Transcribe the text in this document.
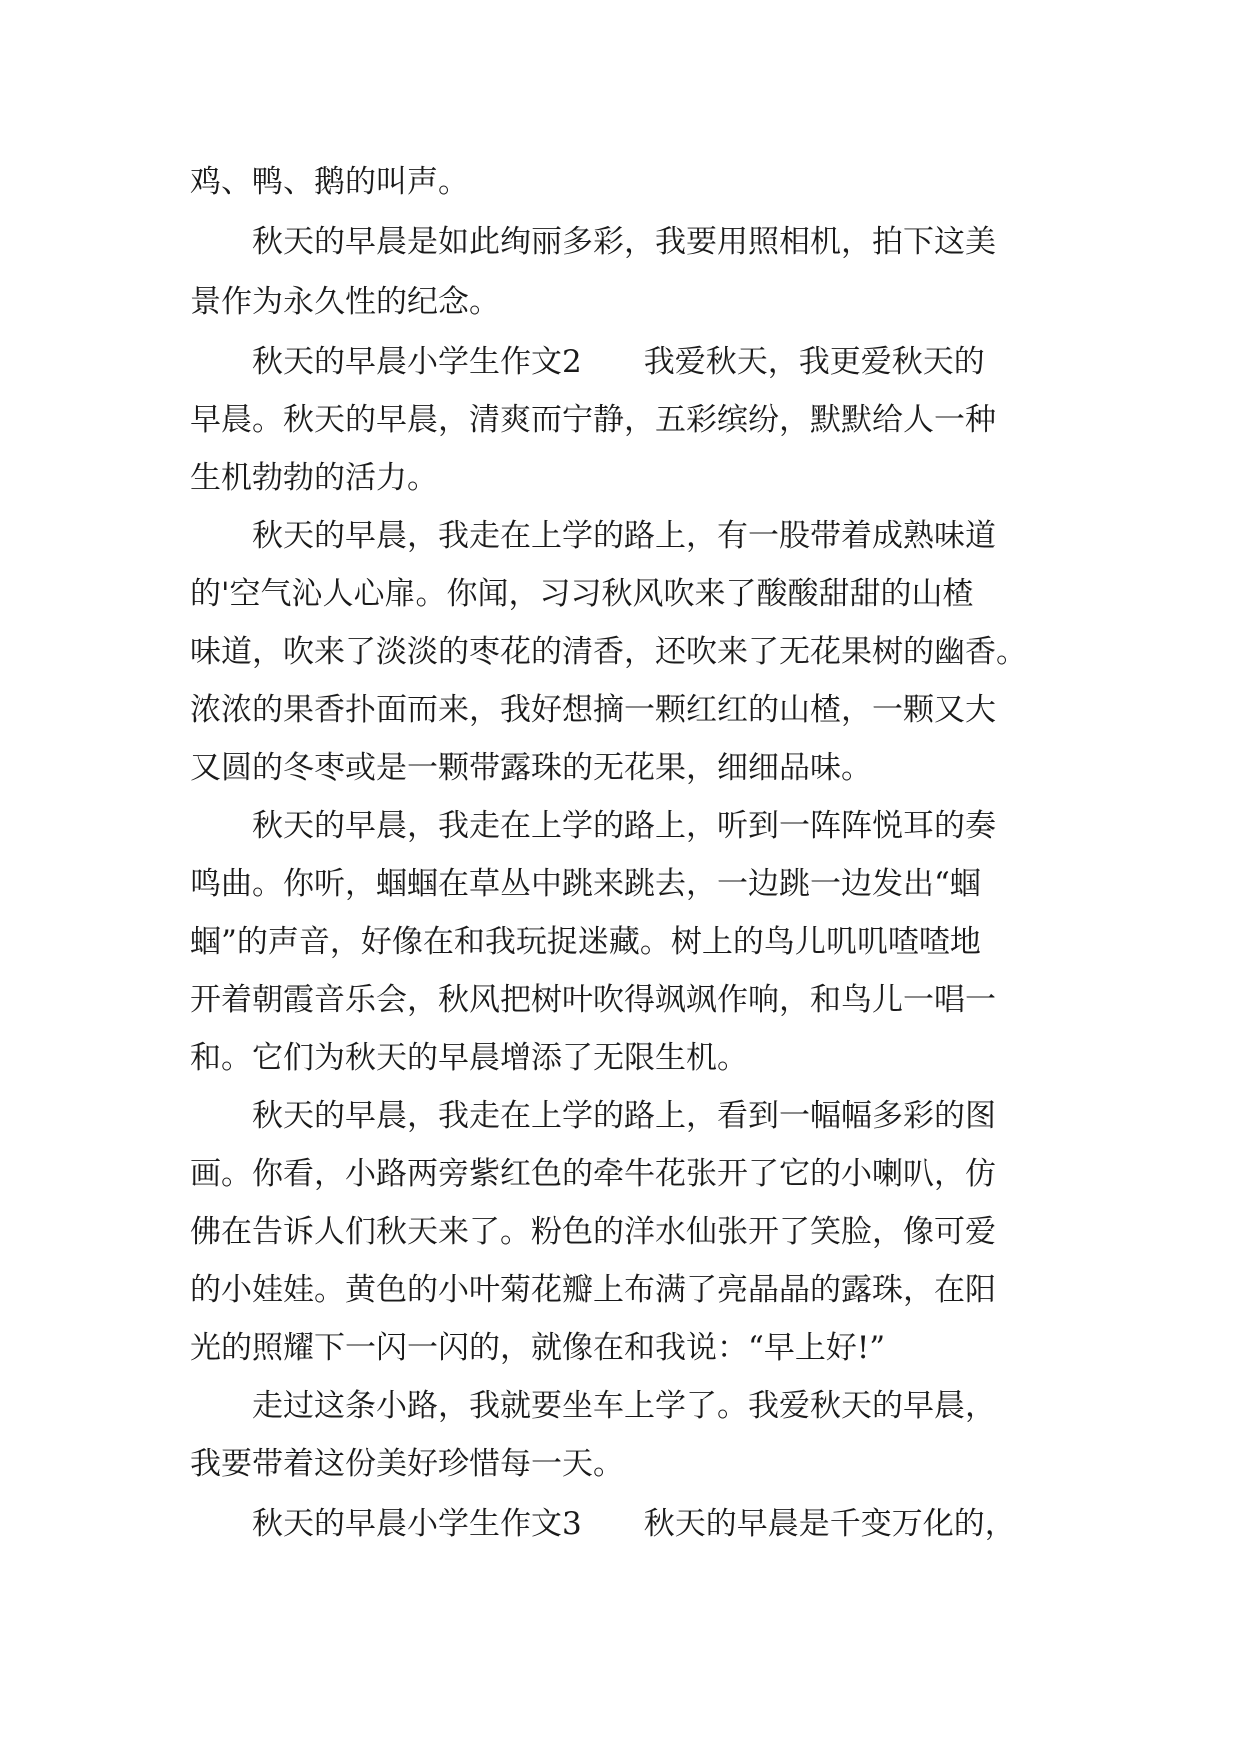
鸡、鸭、鹅的叫声。
　　秋天的早晨是如此绚丽多彩，我要用照相机，拍下这美
景作为永久性的纪念。
　　秋天的早晨小学生作文2　　我爱秋天，我更爱秋天的
早晨。秋天的早晨，清爽而宁静，五彩缤纷，默默给人一种
生机勃勃的活力。
　　秋天的早晨，我走在上学的路上，有一股带着成熟味道
的'空气沁人心扉。你闻，习习秋风吹来了酸酸甜甜的山楂
味道，吹来了淡淡的枣花的清香，还吹来了无花果树的幽香。
浓浓的果香扑面而来，我好想摘一颗红红的山楂，一颗又大
又圆的冬枣或是一颗带露珠的无花果，细细品味。
　　秋天的早晨，我走在上学的路上，听到一阵阵悦耳的奏
鸣曲。你听，蝈蝈在草丛中跳来跳去，一边跳一边发出“蝈
蝈”的声音，好像在和我玩捉迷藏。树上的鸟儿叽叽喳喳地
开着朝霞音乐会，秋风把树叶吹得飒飒作响，和鸟儿一唱一
和。它们为秋天的早晨增添了无限生机。
　　秋天的早晨，我走在上学的路上，看到一幅幅多彩的图
画。你看，小路两旁紫红色的牵牛花张开了它的小喇叭，仿
佛在告诉人们秋天来了。粉色的洋水仙张开了笑脸，像可爱
的小娃娃。黄色的小叶菊花瓣上布满了亮晶晶的露珠，在阳
光的照耀下一闪一闪的，就像在和我说：“早上好!”
　　走过这条小路，我就要坐车上学了。我爱秋天的早晨，
我要带着这份美好珍惜每一天。
　　秋天的早晨小学生作文3　　秋天的早晨是千变万化的，
